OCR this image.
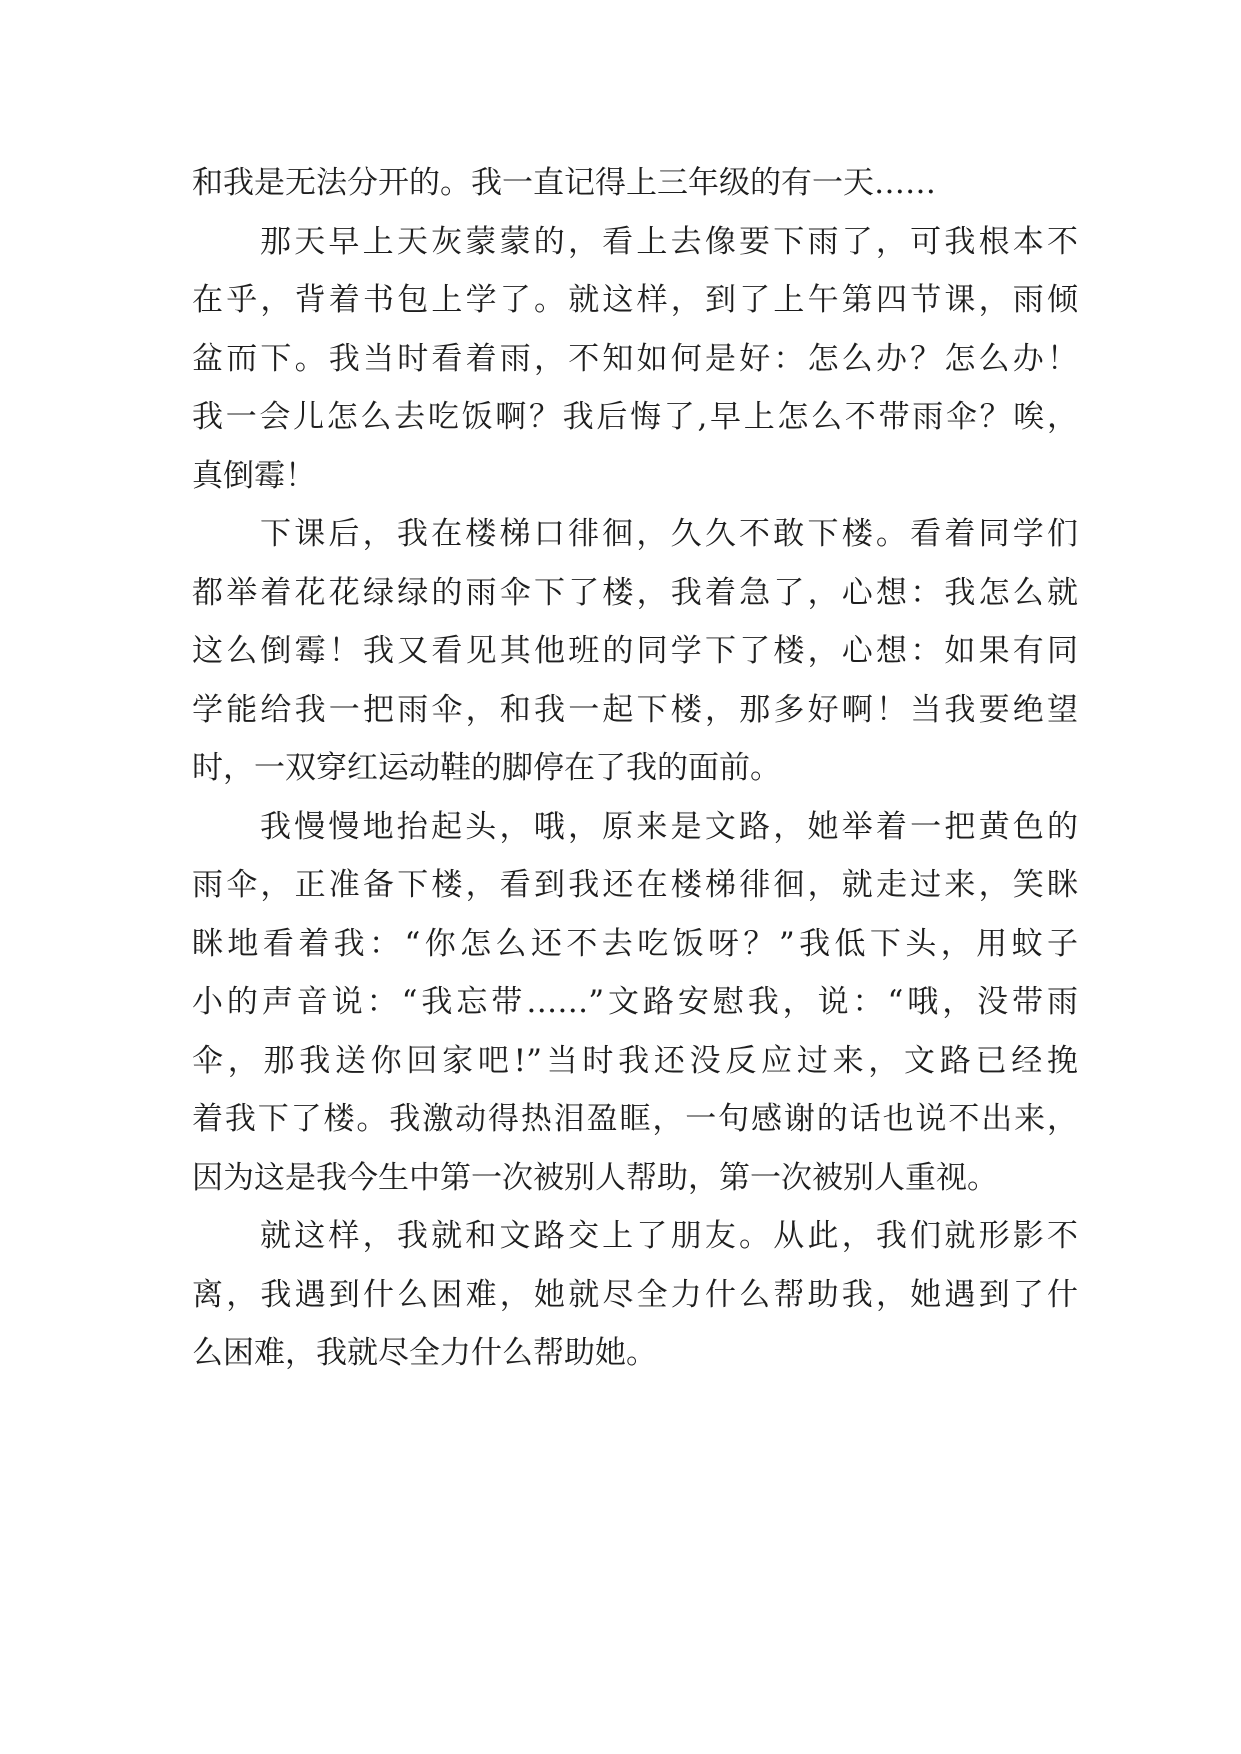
和我是无法分开的。我一直记得上三年级的有一天……
那天早上天灰蒙蒙的，看上去像要下雨了，可我根本不
在乎，背着书包上学了。就这样，到了上午第四节课，雨倾
盆而下。我当时看着雨，不知如何是好：怎么办？怎么办！
我一会儿怎么去吃饭啊？我后悔了,早上怎么不带雨伞？唉，
真倒霉！
下课后，我在楼梯口徘徊，久久不敢下楼。看着同学们
都举着花花绿绿的雨伞下了楼，我着急了，心想：我怎么就
这么倒霉！我又看见其他班的同学下了楼，心想：如果有同
学能给我一把雨伞，和我一起下楼，那多好啊！当我要绝望
时，一双穿红运动鞋的脚停在了我的面前。
我慢慢地抬起头，哦，原来是文路，她举着一把黄色的
雨伞，正准备下楼，看到我还在楼梯徘徊，就走过来，笑眯
眯地看着我：“你怎么还不去吃饭呀？”我低下头，用蚊子
小的声音说：“我忘带……”文路安慰我，说：“哦，没带雨
伞，那我送你回家吧!”当时我还没反应过来，文路已经挽
着我下了楼。我激动得热泪盈眶，一句感谢的话也说不出来，
因为这是我今生中第一次被别人帮助，第一次被别人重视。
就这样，我就和文路交上了朋友。从此，我们就形影不
离，我遇到什么困难，她就尽全力什么帮助我，她遇到了什
么困难，我就尽全力什么帮助她。
